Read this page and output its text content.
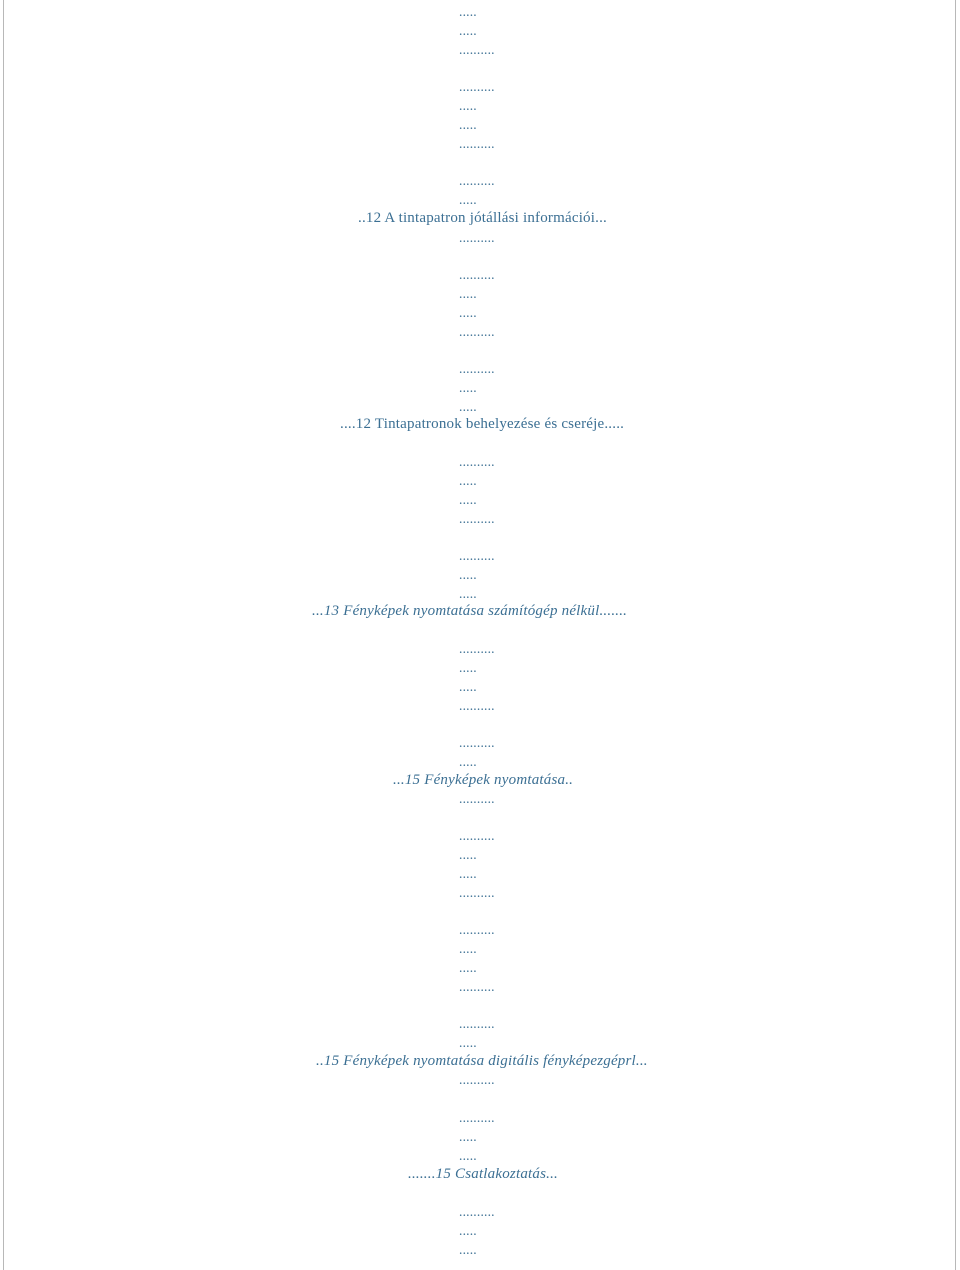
.....
.....
..........
..........
.....
.....
..........
..........
.....
..12 A tintapatron jótállási információi...
..........
..........
.....
.....
..........
..........
.....
.....
....12 Tintapatronok behelyezése és cseréje.....
..........
.....
.....
..........
..........
.....
.....
...13 Fényképek nyomtatása számítógép nélkül.......
..........
.....
.....
..........
..........
.....
...15 Fényképek nyomtatása..
..........
..........
.....
.....
..........
..........
.....
.....
..........
..........
.....
..15 Fényképek nyomtatása digitális fényképezgéprl...
..........
..........
.....
.....
.......15 Csatlakoztatás...
..........
.....
.....
